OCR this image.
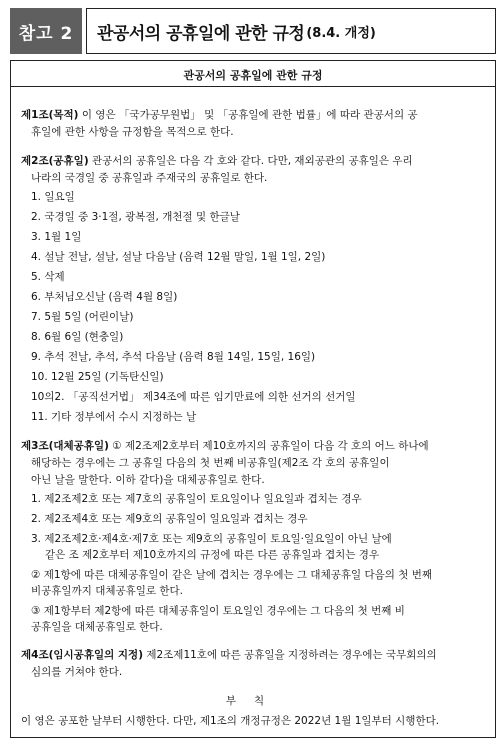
참고 2	관공서의 공휴일에 관한 규정 (8.4. 개정)
관공서의 공휴일에 관한 규정

제1조(목적) 이 영은 「국가공무원법」 및 「공휴일에 관한 법률」에 따라 관공서의 공

휴일에 관한 사항을 규정함을 목적으로 한다.

제2조(공휴일) 관공서의 공휴일은 다음 각 호와 같다. 다만, 재외공관의 공휴일은 우리

나라의 국경일 중 공휴일과 주재국의 공휴일로 한다.

1. 일요일
2. 국경일 중 3·1절, 광복절, 개천절 및 한글날
3. 1월 1일
4. 설날 전날, 설날, 설날 다음날 (음력 12월 말일, 1월 1일, 2일)
5. 삭제
6. 부처님오신날 (음력 4월 8일)
7. 5월 5일 (어린이날)
8. 6월 6일 (현충일)
9. 추석 전날, 추석, 추석 다음날 (음력 8월 14일, 15일, 16일)
10. 12월 25일 (기독탄신일)
10의2. 「공직선거법」 제34조에 따른 임기만료에 의한 선거의 선거일
11. 기타 정부에서 수시 지정하는 날

제3조(대체공휴일) ① 제2조제2호부터 제10호까지의 공휴일이 다음 각 호의 어느 하나에

해당하는 경우에는 그 공휴일 다음의 첫 번째 비공휴일(제2조 각 호의 공휴일이

아닌 날을 말한다. 이하 같다)을 대체공휴일로 한다.

1. 제2조제2호 또는 제7호의 공휴일이 토요일이나 일요일과 겹치는 경우
2. 제2조제4호 또는 제9호의 공휴일이 일요일과 겹치는 경우
3. 제2조제2호·제4호·제7호 또는 제9호의 공휴일이 토요일·일요일이 아닌 날에
같은 조 제2호부터 제10호까지의 규정에 따른 다른 공휴일과 겹치는 경우

② 제1항에 따른 대체공휴일이 같은 날에 겹치는 경우에는 그 대체공휴일 다음의 첫 번째

비공휴일까지 대체공휴일로 한다.

③ 제1항부터 제2항에 따른 대체공휴일이 토요일인 경우에는 그 다음의 첫 번째 비

공휴일을 대체공휴일로 한다.

제4조(임시공휴일의 지정) 제2조제11호에 따른 공휴일을 지정하려는 경우에는 국무회의의

심의를 거쳐야 한다.

부칙

이 영은 공포한 날부터 시행한다. 다만, 제1조의 개정규정은 2022년 1월 1일부터 시행한다.
